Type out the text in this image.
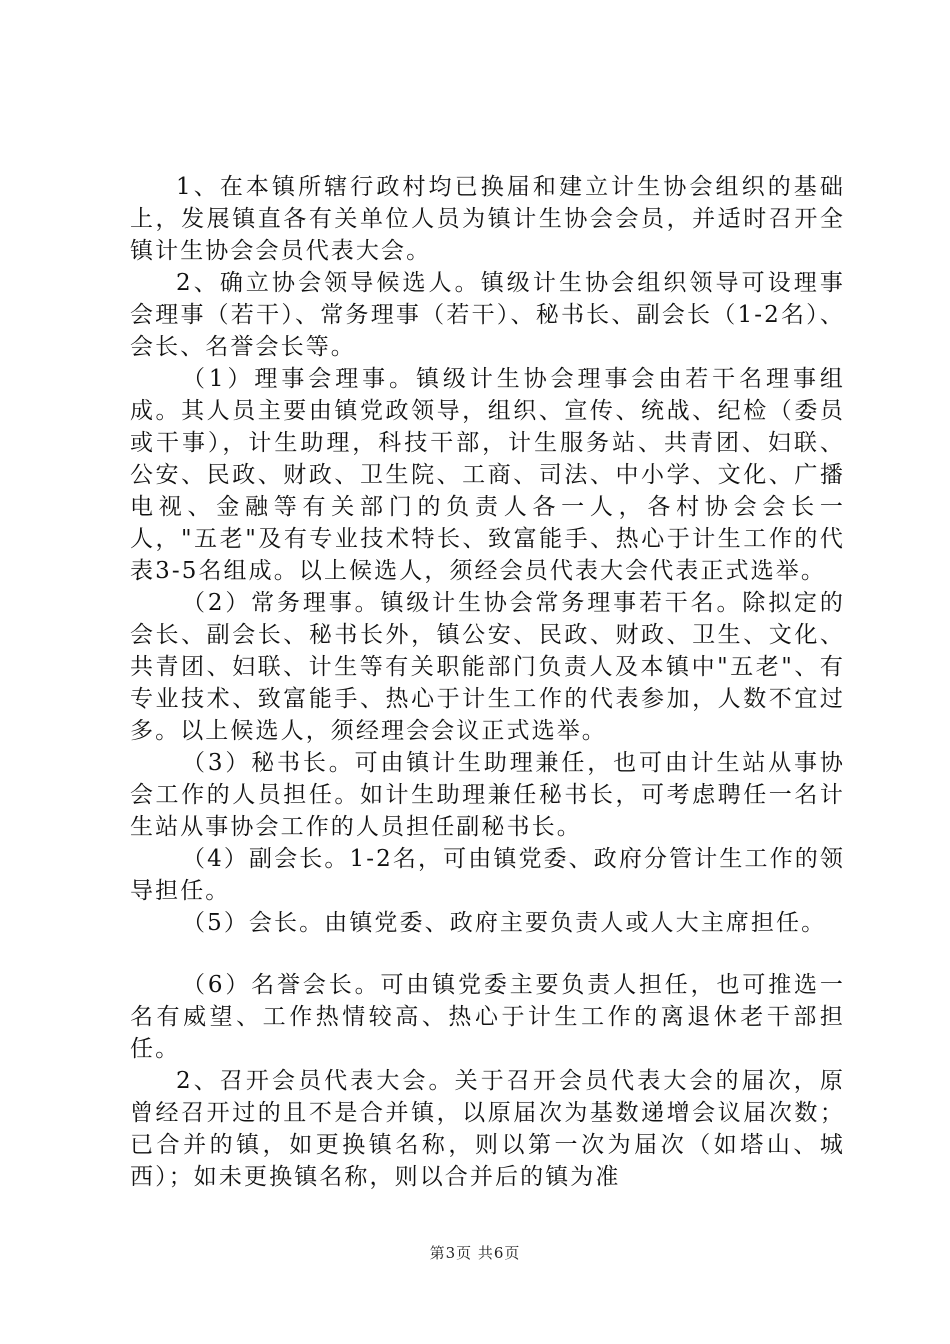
1、在本镇所辖行政村均已换届和建立计生协会组织的基础上，发展镇直各有关单位人员为镇计生协会会员，并适时召开全镇计生协会会员代表大会。

2、确立协会领导候选人。镇级计生协会组织领导可设理事会理事（若干）、常务理事（若干）、秘书长、副会长（1-2名）、会长、名誉会长等。

（1）理事会理事。镇级计生协会理事会由若干名理事组成。其人员主要由镇党政领导，组织、宣传、统战、纪检（委员或干事），计生助理，科技干部，计生服务站、共青团、妇联、公安、民政、财政、卫生院、工商、司法、中小学、文化、广播电视、金融等有关部门的负责人各一人，各村协会会长一人，"五老"及有专业技术特长、致富能手、热心于计生工作的代表3-5名组成。以上候选人，须经会员代表大会代表正式选举。

（2）常务理事。镇级计生协会常务理事若干名。除拟定的会长、副会长、秘书长外，镇公安、民政、财政、卫生、文化、共青团、妇联、计生等有关职能部门负责人及本镇中"五老"、有专业技术、致富能手、热心于计生工作的代表参加，人数不宜过多。以上候选人，须经理会会议正式选举。

（3）秘书长。可由镇计生助理兼任，也可由计生站从事协会工作的人员担任。如计生助理兼任秘书长，可考虑聘任一名计生站从事协会工作的人员担任副秘书长。

（4）副会长。1-2名，可由镇党委、政府分管计生工作的领导担任。

（5）会长。由镇党委、政府主要负责人或人大主席担任。

（6）名誉会长。可由镇党委主要负责人担任，也可推选一名有威望、工作热情较高、热心于计生工作的离退休老干部担任。

2、召开会员代表大会。关于召开会员代表大会的届次，原曾经召开过的且不是合并镇，以原届次为基数递增会议届次数；已合并的镇，如更换镇名称，则以第一次为届次（如塔山、城西）；如未更换镇名称，则以合并后的镇为准

第3页 共6页
